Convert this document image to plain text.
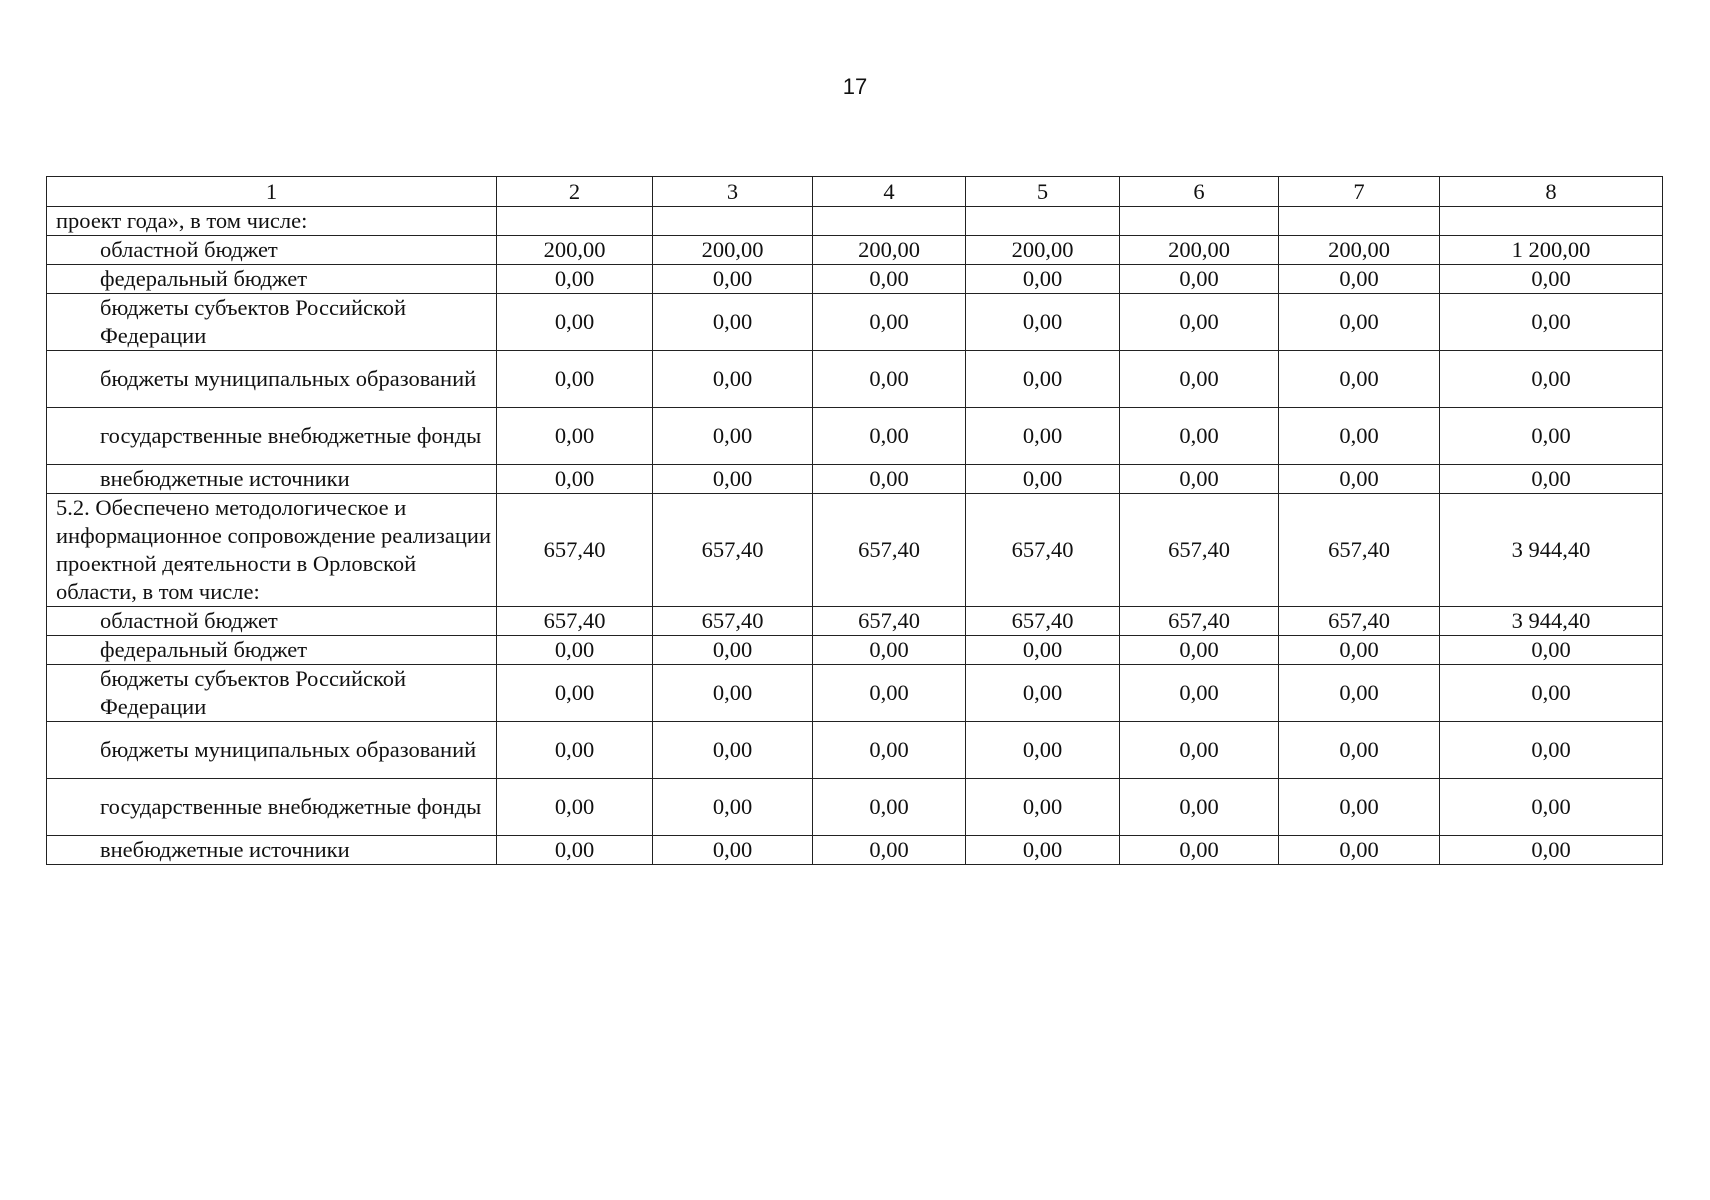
17
1	2	3	4	5	6	7	8
проект года», в том числе:							
областной бюджет	200,00	200,00	200,00	200,00	200,00	200,00	1 200,00
федеральный бюджет	0,00	0,00	0,00	0,00	0,00	0,00	0,00
бюджеты субъектов Российской Федерации	0,00	0,00	0,00	0,00	0,00	0,00	0,00
бюджеты муниципальных образований	0,00	0,00	0,00	0,00	0,00	0,00	0,00
государственные внебюджетные фонды	0,00	0,00	0,00	0,00	0,00	0,00	0,00
внебюджетные источники	0,00	0,00	0,00	0,00	0,00	0,00	0,00
5.2. Обеспечено методологическое и информационное сопровождение реализации проектной деятельности в Орловской области, в том числе:	657,40	657,40	657,40	657,40	657,40	657,40	3 944,40
областной бюджет	657,40	657,40	657,40	657,40	657,40	657,40	3 944,40
федеральный бюджет	0,00	0,00	0,00	0,00	0,00	0,00	0,00
бюджеты субъектов Российской Федерации	0,00	0,00	0,00	0,00	0,00	0,00	0,00
бюджеты муниципальных образований	0,00	0,00	0,00	0,00	0,00	0,00	0,00
государственные внебюджетные фонды	0,00	0,00	0,00	0,00	0,00	0,00	0,00
внебюджетные источники	0,00	0,00	0,00	0,00	0,00	0,00	0,00
